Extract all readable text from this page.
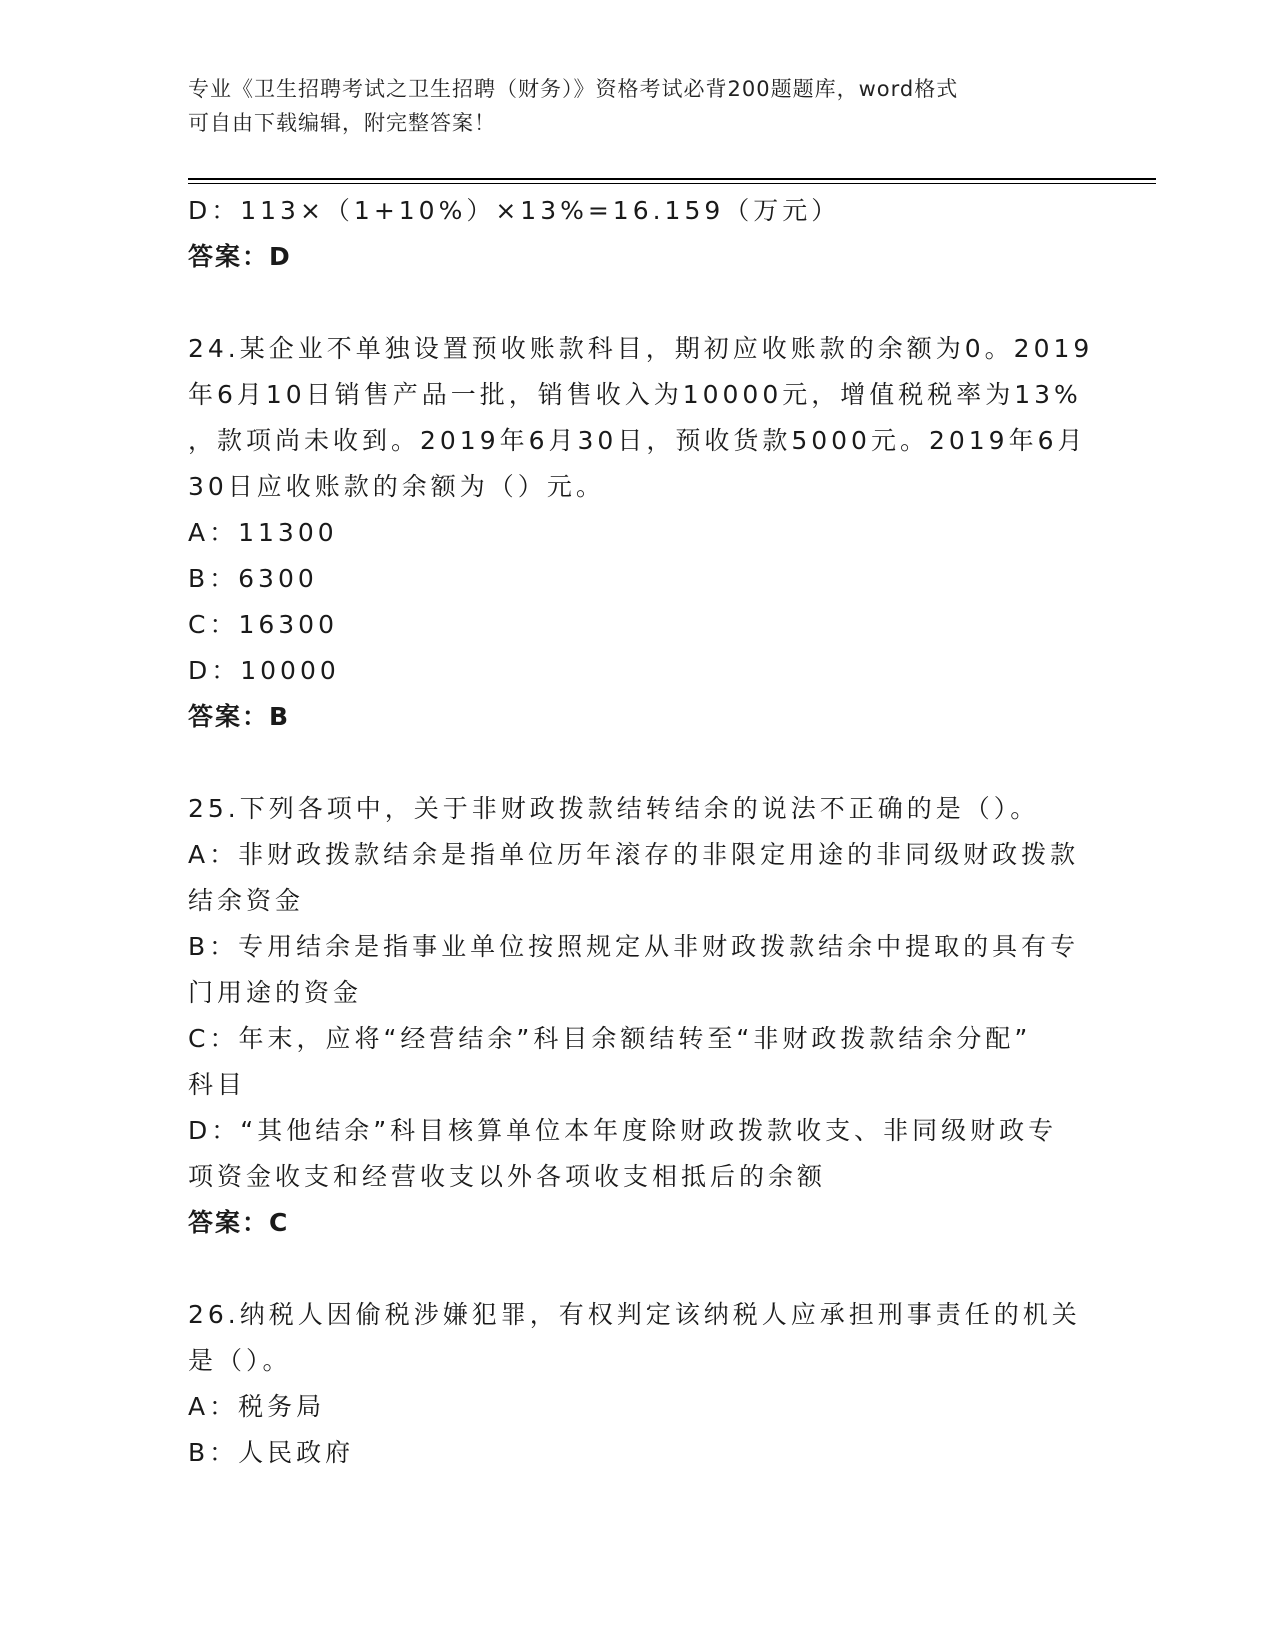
专业《卫生招聘考试之卫生招聘（财务）》资格考试必背200题题库，word格式
可自由下载编辑，附完整答案！
D：113×（1+10%）×13%=16.159（万元）
答案：D
24.某企业不单独设置预收账款科目，期初应收账款的余额为0。2019
年6月10日销售产品一批，销售收入为10000元，增值税税率为13%
，款项尚未收到。2019年6月30日，预收货款5000元。2019年6月
30日应收账款的余额为（）元。
A：11300
B：6300
C：16300
D：10000
答案：B
25.下列各项中，关于非财政拨款结转结余的说法不正确的是（）。
A：非财政拨款结余是指单位历年滚存的非限定用途的非同级财政拨款
结余资金
B：专用结余是指事业单位按照规定从非财政拨款结余中提取的具有专
门用途的资金
C：年末，应将“经营结余”科目余额结转至“非财政拨款结余分配”
科目
D：“其他结余”科目核算单位本年度除财政拨款收支、非同级财政专
项资金收支和经营收支以外各项收支相抵后的余额
答案：C
26.纳税人因偷税涉嫌犯罪，有权判定该纳税人应承担刑事责任的机关
是（）。
A：税务局
B：人民政府
